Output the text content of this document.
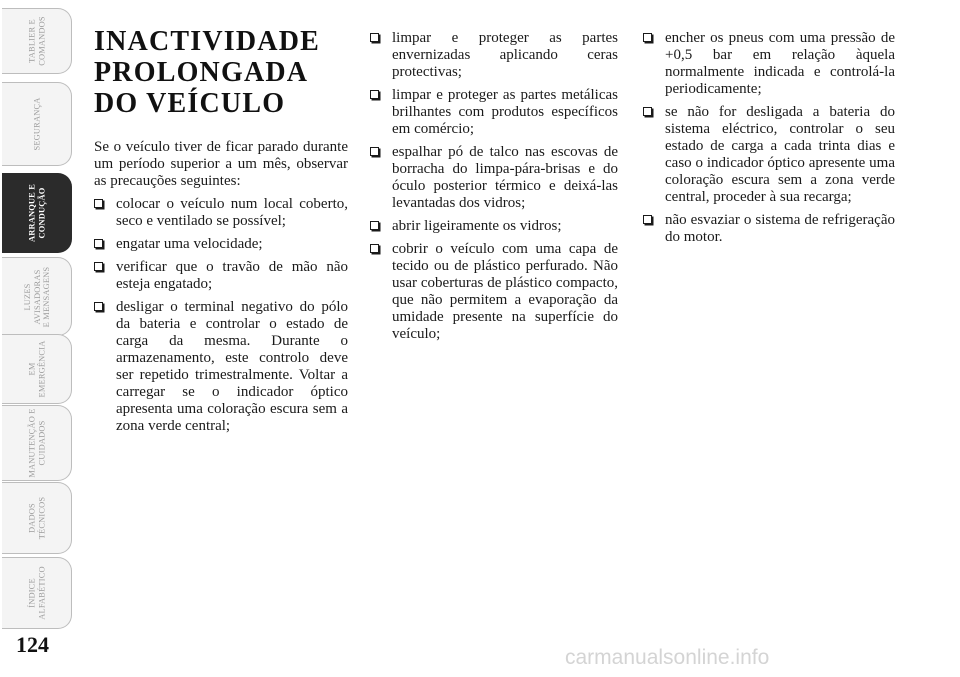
TABLIER E
COMANDOS
SEGURANÇA
ARRANQUE E
CONDUÇÃO
LUZES
AVISADORAS
E MENSAGENS
EM
EMERGÊNCIA
MANUTENÇÃO E
CUIDADOS
DADOS
TÉCNICOS
ÍNDICE
ALFABÉTICO
124
INACTIVIDADE
PROLONGADA
DO VEÍCULO

Se o veículo tiver de ficar parado durante um período superior a um mês, observar as precauções seguintes:

colocar o veículo num local coberto, seco e ventilado se possível;
engatar uma velocidade;
verificar que o travão de mão não esteja engatado;
desligar o terminal negativo do pólo da bateria e controlar o estado de carga da mesma. Durante o armazenamento, este controlo deve ser repetido trimestralmente. Voltar a carregar se o indicador óptico apresenta uma coloração escura sem a zona verde central;
limpar e proteger as partes envernizadas aplicando ceras protectivas;
limpar e proteger as partes metálicas brilhantes com produtos específicos em comércio;
espalhar pó de talco nas escovas de borracha do limpa-pára-brisas e do óculo posterior térmico e deixá-las levantadas dos vidros;
abrir ligeiramente os vidros;
cobrir o veículo com uma capa de tecido ou de plástico perfurado. Não usar coberturas de plástico compacto, que não permitem a evaporação da umidade presente na superfície do veículo;
encher os pneus com uma pressão de +0,5 bar em relação àquela normalmente indicada e controlá-la periodicamente;
se não for desligada a bateria do sistema eléctrico, controlar o seu estado de carga a cada trinta dias e caso o indicador óptico apresente uma coloração escura sem a zona verde central, proceder à sua recarga;
não esvaziar o sistema de refrigeração do motor.
carmanualsonline.info
